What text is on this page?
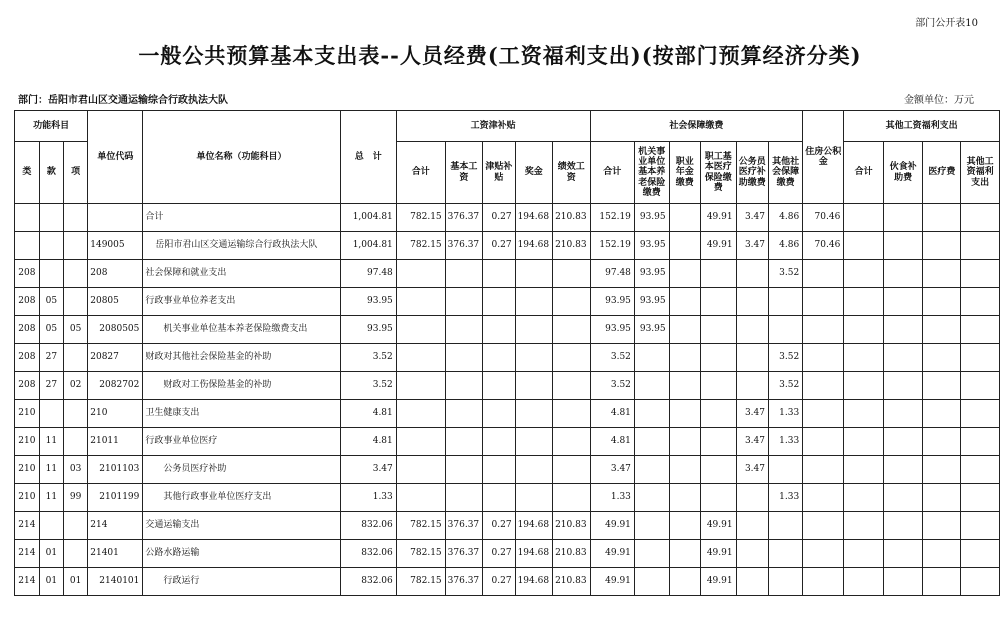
部门公开表10
一般公共预算基本支出表--人员经费(工资福利支出)(按部门预算经济分类)
部门：岳阳市君山区交通运输综合行政执法大队	金额单位：万元
功能科目			单位代码	单位名称（功能科目）	总　计	工资津补贴					社会保障缴费						住房公积金	其他工资福利支出			
类	款	项				合计	基本工资	津贴补贴	奖金	绩效工资	合计	机关事业单位基本养老保险缴费	职业年金缴费	职工基本医疗保险缴费	公务员医疗补助缴费	其他社会保障缴费		合计	伙食补助费	医疗费	其他工资福利支出
				合计	1,004.81	782.15	376.37	0.27	194.68	210.83	152.19	93.95		49.91	3.47	4.86	70.46				
			149005	岳阳市君山区交通运输综合行政执法大队	1,004.81	782.15	376.37	0.27	194.68	210.83	152.19	93.95		49.91	3.47	4.86	70.46				
208			208	社会保障和就业支出	97.48						97.48	93.95				3.52					
208	05		20805	行政事业单位养老支出	93.95						93.95	93.95									
208	05	05	2080505	机关事业单位基本养老保险缴费支出	93.95						93.95	93.95									
208	27		20827	财政对其他社会保险基金的补助	3.52						3.52					3.52					
208	27	02	2082702	财政对工伤保险基金的补助	3.52						3.52					3.52					
210			210	卫生健康支出	4.81						4.81				3.47	1.33					
210	11		21011	行政事业单位医疗	4.81						4.81				3.47	1.33					
210	11	03	2101103	公务员医疗补助	3.47						3.47				3.47						
210	11	99	2101199	其他行政事业单位医疗支出	1.33						1.33					1.33					
214			214	交通运输支出	832.06	782.15	376.37	0.27	194.68	210.83	49.91			49.91							
214	01		21401	公路水路运输	832.06	782.15	376.37	0.27	194.68	210.83	49.91			49.91							
214	01	01	2140101	行政运行	832.06	782.15	376.37	0.27	194.68	210.83	49.91			49.91							
